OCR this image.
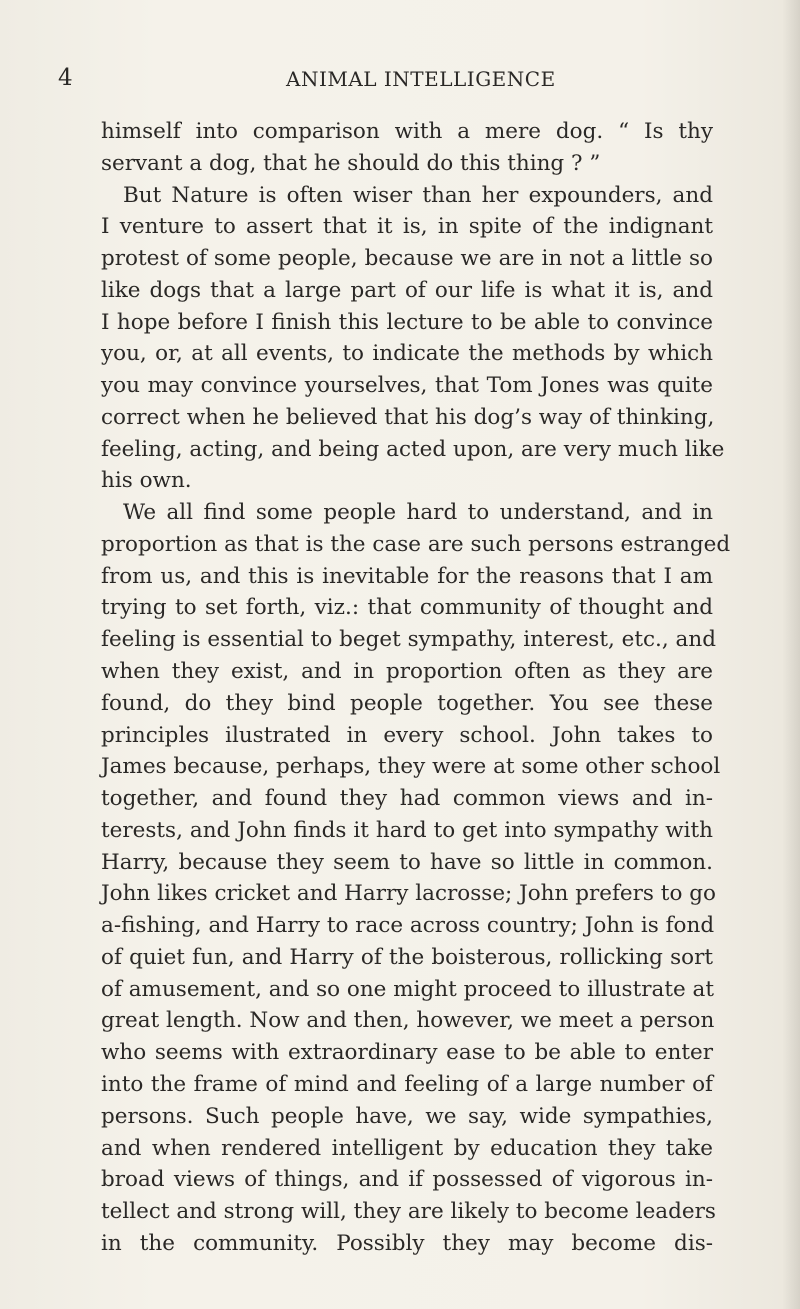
4	ANIMAL INTELLIGENCE
himself into comparison with a mere dog. “ Is thy
servant a dog, that he should do this thing ? ”
But Nature is often wiser than her expounders, and
I venture to assert that it is, in spite of the indignant
protest of some people, because we are in not a little so
like dogs that a large part of our life is what it is, and
I hope before I finish this lecture to be able to convince
you, or, at all events, to indicate the methods by which
you may convince yourselves, that Tom Jones was quite
correct when he believed that his dog’s way of thinking,
feeling, acting, and being acted upon, are very much like
his own.
We all find some people hard to understand, and in
proportion as that is the case are such persons estranged
from us, and this is inevitable for the reasons that I am
trying to set forth, viz.: that community of thought and
feeling is essential to beget sympathy, interest, etc., and
when they exist, and in proportion often as they are
found, do they bind people together. You see these
principles ilustrated in every school. John takes to
James because, perhaps, they were at some other school
together, and found they had common views and in-
terests, and John finds it hard to get into sympathy with
Harry, because they seem to have so little in common.
John likes cricket and Harry lacrosse; John prefers to go
a-fishing, and Harry to race across country; John is fond
of quiet fun, and Harry of the boisterous, rollicking sort
of amusement, and so one might proceed to illustrate at
great length. Now and then, however, we meet a person
who seems with extraordinary ease to be able to enter
into the frame of mind and feeling of a large number of
persons. Such people have, we say, wide sympathies,
and when rendered intelligent by education they take
broad views of things, and if possessed of vigorous in-
tellect and strong will, they are likely to become leaders
in the community. Possibly they may become dis-
